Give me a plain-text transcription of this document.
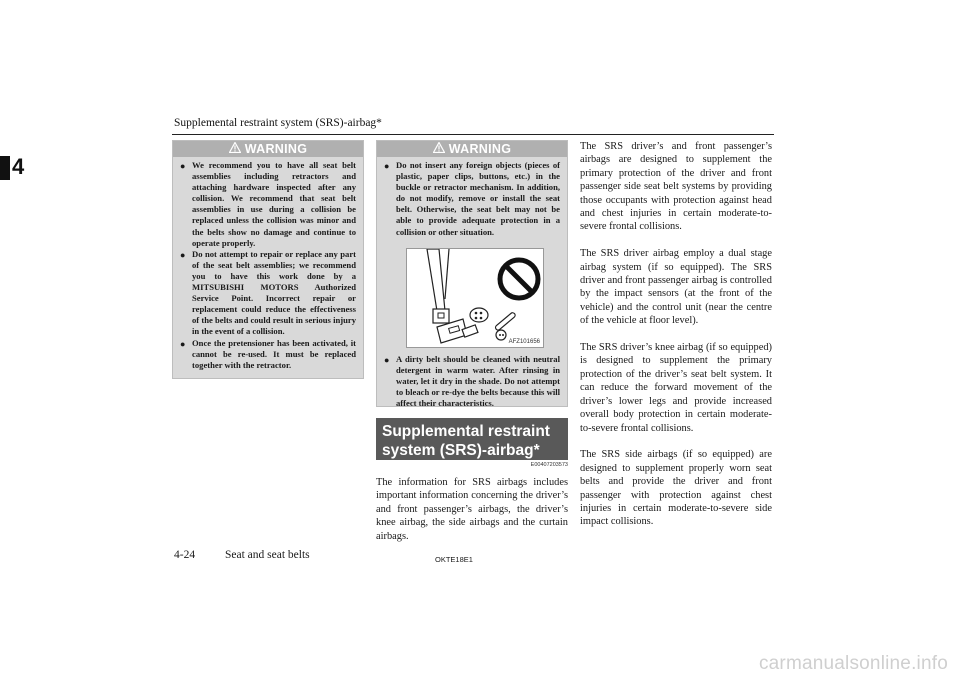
Supplemental restraint system (SRS)-airbag*
4
WARNING
● We recommend you to have all seat belt assemblies including retractors and attaching hardware inspected after any collision. We recommend that seat belt assemblies in use during a collision be replaced unless the collision was minor and the belts show no damage and continue to operate properly.
● Do not attempt to repair or replace any part of the seat belt assemblies; we recommend you to have this work done by a MITSUBISHI MOTORS Authorized Service Point. Incorrect repair or replacement could reduce the effectiveness of the belts and could result in serious injury in the event of a collision.
● Once the pretensioner has been activated, it cannot be re-used. It must be replaced together with the retractor.
WARNING
● Do not insert any foreign objects (pieces of plastic, paper clips, buttons, etc.) in the buckle or retractor mechanism. In addition, do not modify, remove or install the seat belt. Otherwise, the seat belt may not be able to provide adequate protection in a collision or other situation.
AFZ101656
● A dirty belt should be cleaned with neutral detergent in warm water. After rinsing in water, let it dry in the shade. Do not attempt to bleach or re-dye the belts because this will affect their characteristics.
Supplemental restraint system (SRS)-airbag*
E00407203573

The information for SRS airbags includes important information concerning the driver’s and front passenger’s airbags, the driver’s knee airbag, the side airbags and the curtain airbags.

The SRS driver’s and front passenger’s airbags are designed to supplement the primary protection of the driver and front passenger side seat belt systems by providing those occupants with protection against head and chest injuries in certain moderate-to-severe frontal collisions.

The SRS driver airbag employ a dual stage airbag system (if so equipped). The SRS driver and front passenger airbag is controlled by the impact sensors (at the front of the vehicle) and the control unit (near the centre of the vehicle at floor level).

The SRS driver’s knee airbag (if so equipped) is designed to supplement the primary protection of the driver’s seat belt system. It can reduce the forward movement of the driver’s lower legs and provide increased overall body protection in certain moderate-to-severe frontal collisions.

The SRS side airbags (if so equipped) are designed to supplement properly worn seat belts and provide the driver and front passenger with protection against chest injuries in certain moderate-to-severe side impact collisions.

4-24	Seat and seat belts	OKTE18E1
carmanualsonline.info
